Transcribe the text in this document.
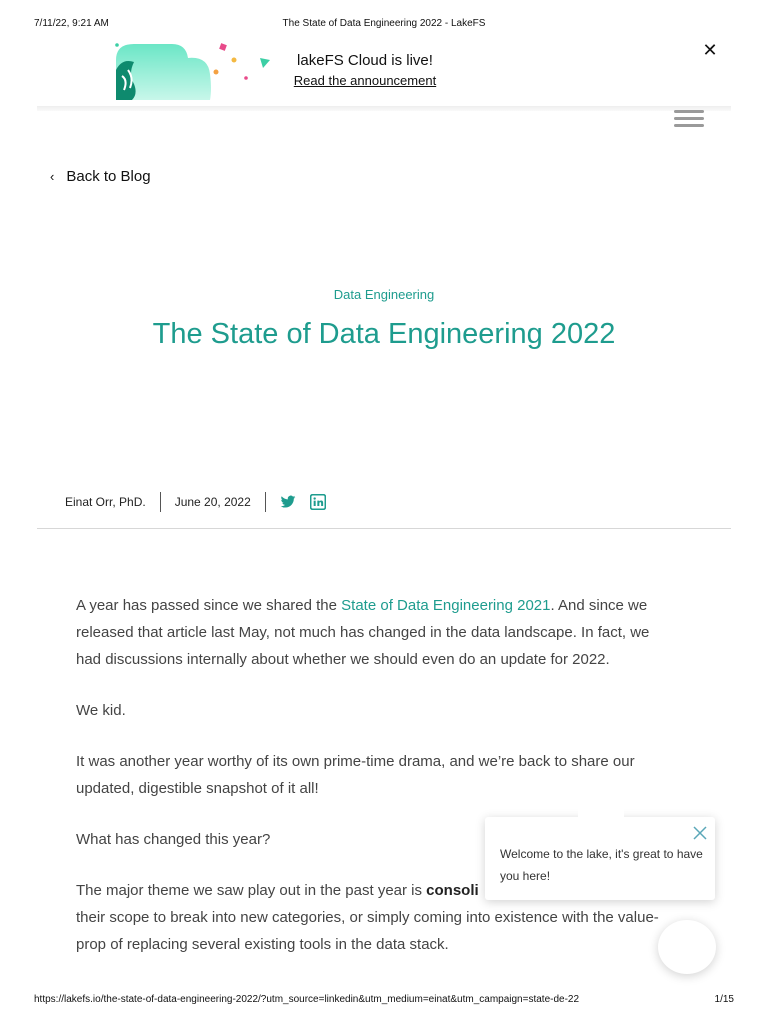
7/11/22, 9:21 AM	The State of Data Engineering 2022 - LakeFS
lakeFS Cloud is live!
Read the announcement
✕
‹ Back to Blog
Data Engineering
The State of Data Engineering 2022
Einat Orr, PhD. June 20, 2022

A year has passed since we shared the State of Data Engineering 2021. And since we released that article last May, not much has changed in the data landscape. In fact, we had discussions internally about whether we should even do an update for 2022.

We kid.

It was another year worthy of its own prime-time drama, and we’re back to share our updated, digestible snapshot of it all!

What has changed this year?

The major theme we saw play out in the past year is consoli
their scope to break into new categories, or simply coming into existence with the value-prop of replacing several existing tools in the data stack.

Welcome to the lake, it's great to have you here!
https://lakefs.io/the-state-of-data-engineering-2022/?utm_source=linkedin&utm_medium=einat&utm_campaign=state-de-22	1/15
